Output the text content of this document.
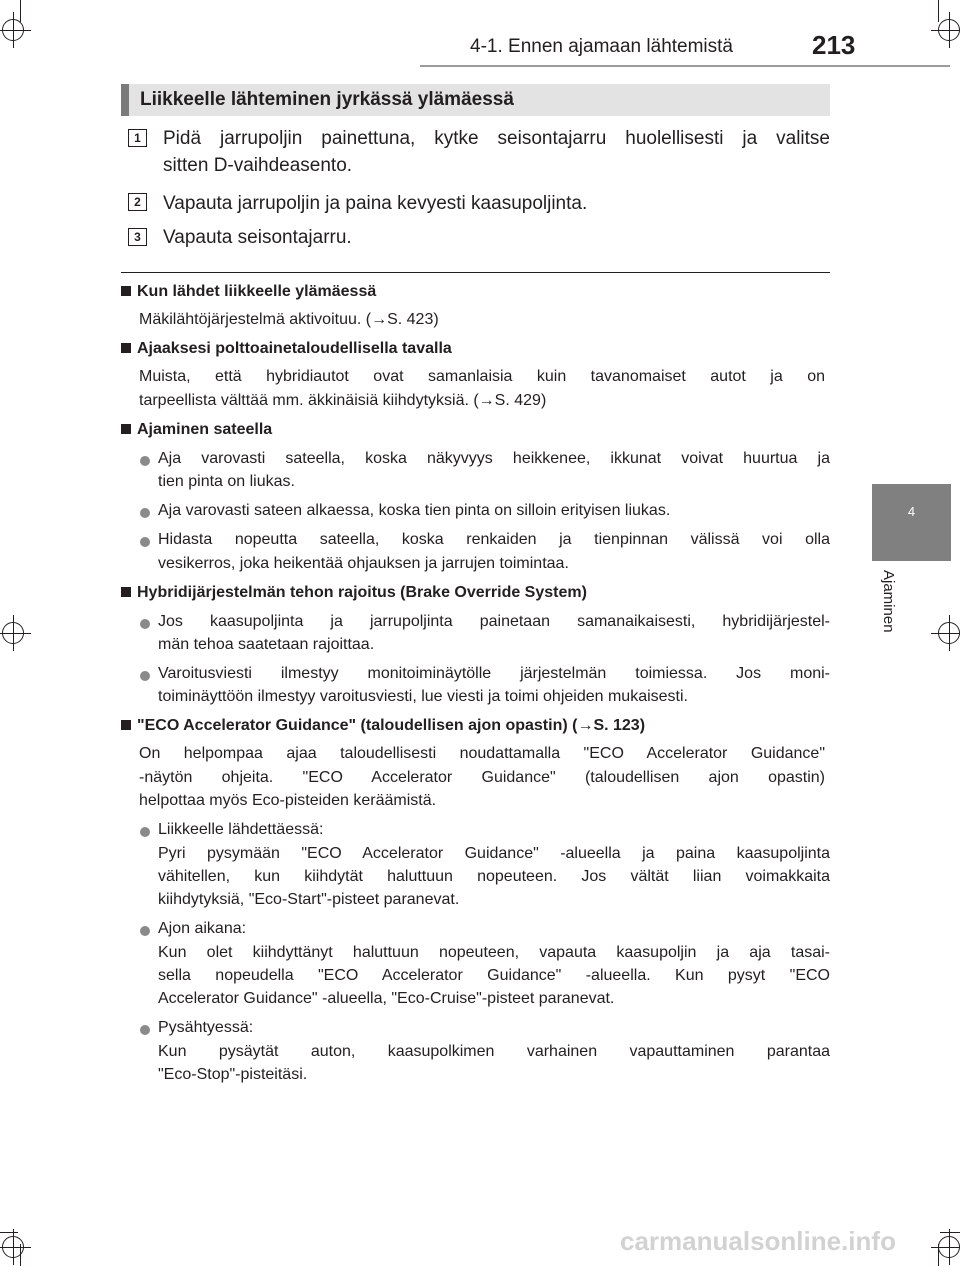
4-1. Ennen ajamaan lähtemistä	213
4
Ajaminen
Liikkeelle lähteminen jyrkässä ylämäessä
1	Pidä jarrupoljin painettuna, kytke seisontajarru huolellisesti ja valitse
sitten D-vaihdeasento.
2	Vapauta jarrupoljin ja paina kevyesti kaasupoljinta.
3	Vapauta seisontajarru.
Kun lähdet liikkeelle ylämäessä
Mäkilähtöjärjestelmä aktivoituu. (→S. 423)
Ajaaksesi polttoainetaloudellisella tavalla
Muista, että hybridiautot ovat samanlaisia kuin tavanomaiset autot ja on
tarpeellista välttää mm. äkkinäisiä kiihdytyksiä. (→S. 429)
Ajaminen sateella
Aja varovasti sateella, koska näkyvyys heikkenee, ikkunat voivat huurtua ja
tien pinta on liukas.
Aja varovasti sateen alkaessa, koska tien pinta on silloin erityisen liukas.
Hidasta nopeutta sateella, koska renkaiden ja tienpinnan välissä voi olla
vesikerros, joka heikentää ohjauksen ja jarrujen toimintaa.
Hybridijärjestelmän tehon rajoitus (Brake Override System)
Jos kaasupoljinta ja jarrupoljinta painetaan samanaikaisesti, hybridijärjestel-
män tehoa saatetaan rajoittaa.
Varoitusviesti ilmestyy monitoiminäytölle järjestelmän toimiessa. Jos moni-
toiminäyttöön ilmestyy varoitusviesti, lue viesti ja toimi ohjeiden mukaisesti.
"ECO Accelerator Guidance" (taloudellisen ajon opastin) (→S. 123)
On helpompaa ajaa taloudellisesti noudattamalla "ECO Accelerator Guidance"
-näytön ohjeita. "ECO Accelerator Guidance" (taloudellisen ajon opastin)
helpottaa myös Eco-pisteiden keräämistä.
Liikkeelle lähdettäessä:
Pyri pysymään "ECO Accelerator Guidance" -alueella ja paina kaasupoljinta
vähitellen, kun kiihdytät haluttuun nopeuteen. Jos vältät liian voimakkaita
kiihdytyksiä, "Eco-Start"-pisteet paranevat.
Ajon aikana:
Kun olet kiihdyttänyt haluttuun nopeuteen, vapauta kaasupoljin ja aja tasai-
sella nopeudella "ECO Accelerator Guidance" -alueella. Kun pysyt "ECO
Accelerator Guidance" -alueella, "Eco-Cruise"-pisteet paranevat.
Pysähtyessä:
Kun pysäytät auton, kaasupolkimen varhainen vapauttaminen parantaa
"Eco-Stop"-pisteitäsi.
carmanualsonline.info
